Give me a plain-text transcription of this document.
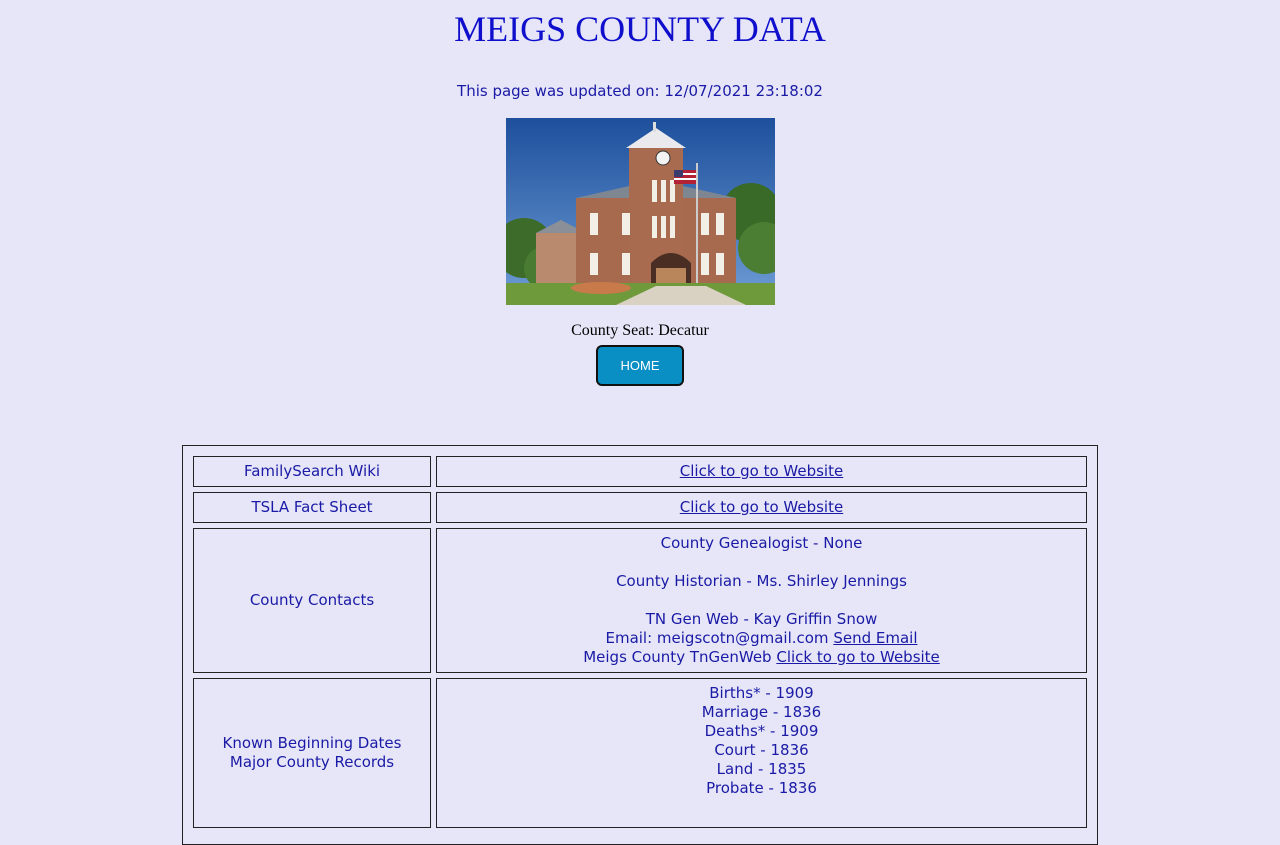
MEIGS COUNTY DATA
This page was updated on: 12/07/2021 23:18:02
County Seat: Decatur
HOME
FamilySearch Wiki	Click to go to Website
TSLA Fact Sheet	Click to go to Website
County Contacts
County Genealogist - None
County Historian - Ms. Shirley Jennings
TN Gen Web - Kay Griffin Snow
Email: meigscotn@gmail.com Send Email
Meigs County TnGenWeb Click to go to Website
Known Beginning Dates
Major County Records
Births* - 1909
Marriage - 1836
Deaths* - 1909
Court - 1836
Land - 1835
Probate - 1836
